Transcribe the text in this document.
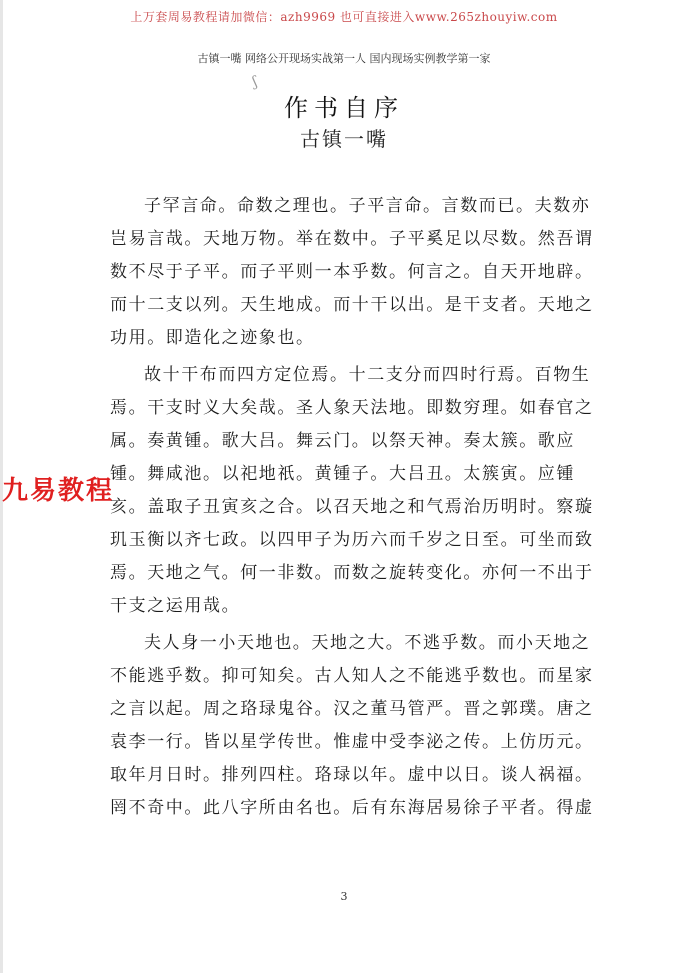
上万套周易教程请加微信：azh9969 也可直接进入www.265zhouyiw.com
古镇一嘴 网络公开现场实战第一人 国内现场实例教学第一家
ʃ
作书自序
古镇一嘴

子罕言命。命数之理也。子平言命。言数而已。夫数亦岂易言哉。天地万物。举在数中。子平奚足以尽数。然吾谓数不尽于子平。而子平则一本乎数。何言之。自天开地辟。而十二支以列。天生地成。而十干以出。是干支者。天地之功用。即造化之迹象也。

故十干布而四方定位焉。十二支分而四时行焉。百物生焉。干支时义大矣哉。圣人象天法地。即数穷理。如春官之属。奏黄锺。歌大吕。舞云门。以祭天神。奏太簇。歌应锺。舞咸池。以祀地祇。黄锺子。大吕丑。太簇寅。应锺亥。盖取子丑寅亥之合。以召天地之和气焉治历明时。察璇玑玉衡以齐七政。以四甲子为历六而千岁之日至。可坐而致焉。天地之气。何一非数。而数之旋转变化。亦何一不出于干支之运用哉。

夫人身一小天地也。天地之大。不逃乎数。而小天地之不能逃乎数。抑可知矣。古人知人之不能逃乎数也。而星家之言以起。周之珞琭鬼谷。汉之董马管严。晋之郭璞。唐之袁李一行。皆以星学传世。惟虚中受李泌之传。上仿历元。取年月日时。排列四柱。珞琭以年。虚中以日。谈人祸福。罔不奇中。此八字所由名也。后有东海居易徐子平者。得虚

九易教程
3
